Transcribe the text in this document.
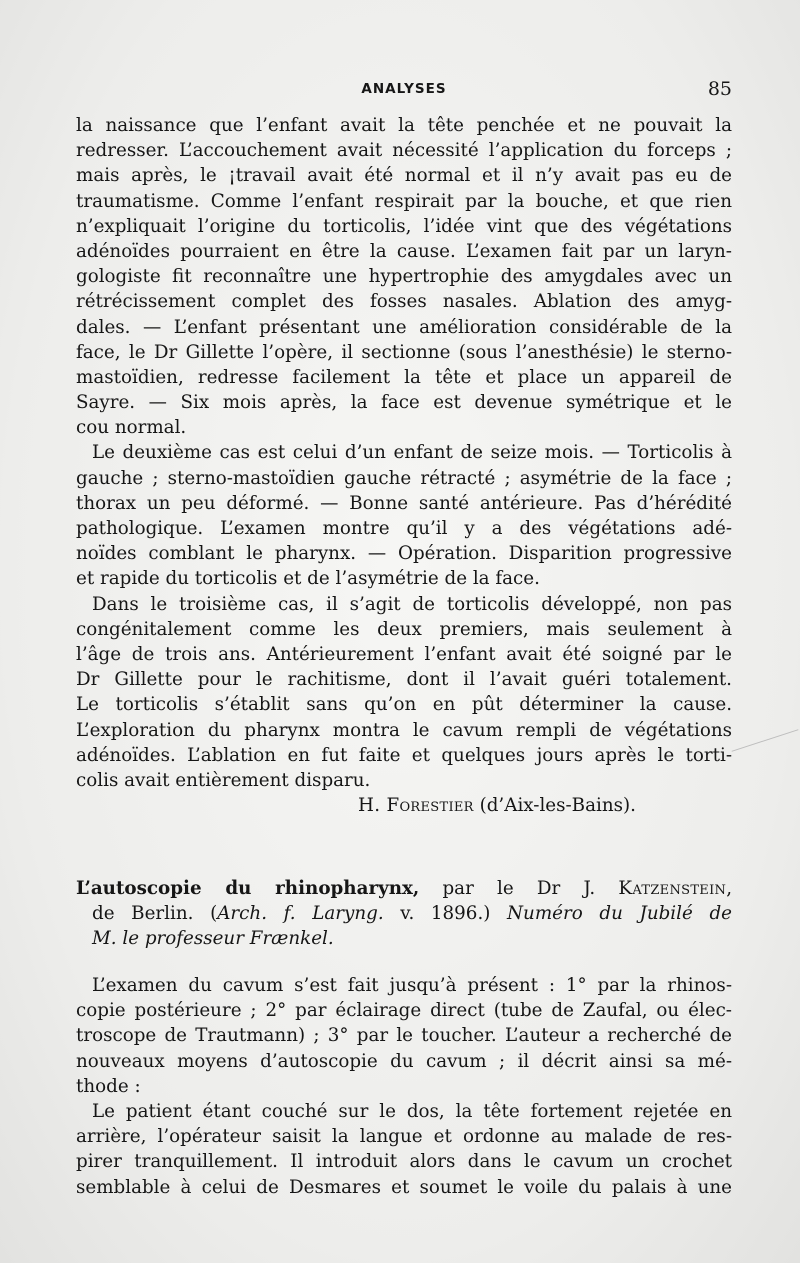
ANALYSES	85
la naissance que l’enfant avait la tête penchée et ne pouvait la
redresser. L’accouchement avait nécessité l’application du forceps ;
mais après, le ¡travail avait été normal et il n’y avait pas eu de
traumatisme. Comme l’enfant respirait par la bouche, et que rien
n’expliquait l’origine du torticolis, l’idée vint que des végétations
adénoïdes pourraient en être la cause. L’examen fait par un laryn-
gologiste fit reconnaître une hypertrophie des amygdales avec un
rétrécissement complet des fosses nasales. Ablation des amyg-
dales. — L’enfant présentant une amélioration considérable de la
face, le Dr Gillette l’opère, il sectionne (sous l’anesthésie) le sterno-
mastoïdien, redresse facilement la tête et place un appareil de
Sayre. — Six mois après, la face est devenue symétrique et le
cou normal.
Le deuxième cas est celui d’un enfant de seize mois. — Torticolis à
gauche ; sterno-mastoïdien gauche rétracté ; asymétrie de la face ;
thorax un peu déformé. — Bonne santé antérieure. Pas d’hérédité
pathologique. L’examen montre qu’il y a des végétations adé-
noïdes comblant le pharynx. — Opération. Disparition progressive
et rapide du torticolis et de l’asymétrie de la face.
Dans le troisième cas, il s’agit de torticolis développé, non pas
congénitalement comme les deux premiers, mais seulement à
l’âge de trois ans. Antérieurement l’enfant avait été soigné par le
Dr Gillette pour le rachitisme, dont il l’avait guéri totalement.
Le torticolis s’établit sans qu’on en pût déterminer la cause.
L’exploration du pharynx montra le cavum rempli de végétations
adénoïdes. L’ablation en fut faite et quelques jours après le torti-
colis avait entièrement disparu.
H. Forestier (d’Aix-les-Bains).
L’autoscopie du rhinopharynx, par le Dr J. Katzenstein,
de Berlin. (Arch. f. Laryng. v. 1896.) Numéro du Jubilé de
M. le professeur Frænkel.
L’examen du cavum s’est fait jusqu’à présent : 1° par la rhinos-
copie postérieure ; 2° par éclairage direct (tube de Zaufal, ou élec-
troscope de Trautmann) ; 3° par le toucher. L’auteur a recherché de
nouveaux moyens d’autoscopie du cavum ; il décrit ainsi sa mé-
thode :
Le patient étant couché sur le dos, la tête fortement rejetée en
arrière, l’opérateur saisit la langue et ordonne au malade de res-
pirer tranquillement. Il introduit alors dans le cavum un crochet
semblable à celui de Desmares et soumet le voile du palais à une
